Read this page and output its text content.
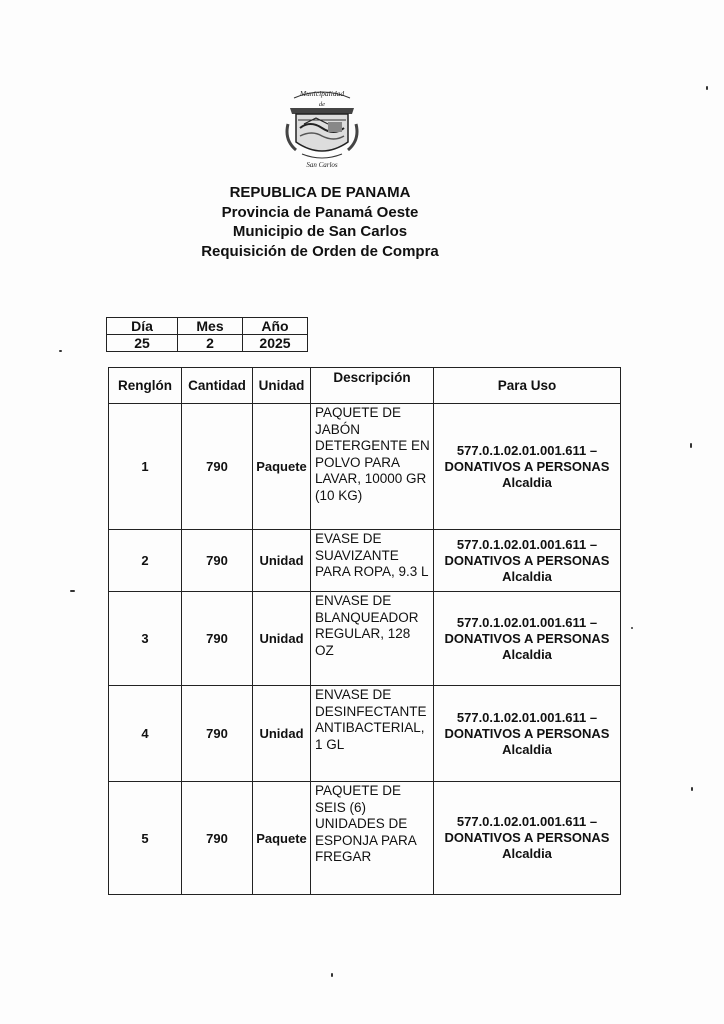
Municipalidad
de
San Carlos
REPUBLICA DE PANAMA
Provincia de Panamá Oeste
Municipio de San Carlos
Requisición de Orden de Compra
Día	Mes	Año
25	2	2025
Renglón	Cantidad	Unidad	Descripción	Para Uso
1	790	Paquete	PAQUETE DE JABÓN DETERGENTE EN POLVO PARA LAVAR, 10000 GR (10 KG)	577.0.1.02.01.001.611 – DONATIVOS A PERSONAS Alcaldia
2	790	Unidad	EVASE DE SUAVIZANTE PARA ROPA, 9.3 L	577.0.1.02.01.001.611 – DONATIVOS A PERSONAS Alcaldia
3	790	Unidad	ENVASE DE BLANQUEADOR REGULAR, 128 OZ	577.0.1.02.01.001.611 – DONATIVOS A PERSONAS Alcaldia
4	790	Unidad	ENVASE DE DESINFECTANTE ANTIBACTERIAL, 1 GL	577.0.1.02.01.001.611 – DONATIVOS A PERSONAS Alcaldia
5	790	Paquete	PAQUETE DE SEIS (6) UNIDADES DE ESPONJA PARA FREGAR	577.0.1.02.01.001.611 – DONATIVOS A PERSONAS Alcaldia
